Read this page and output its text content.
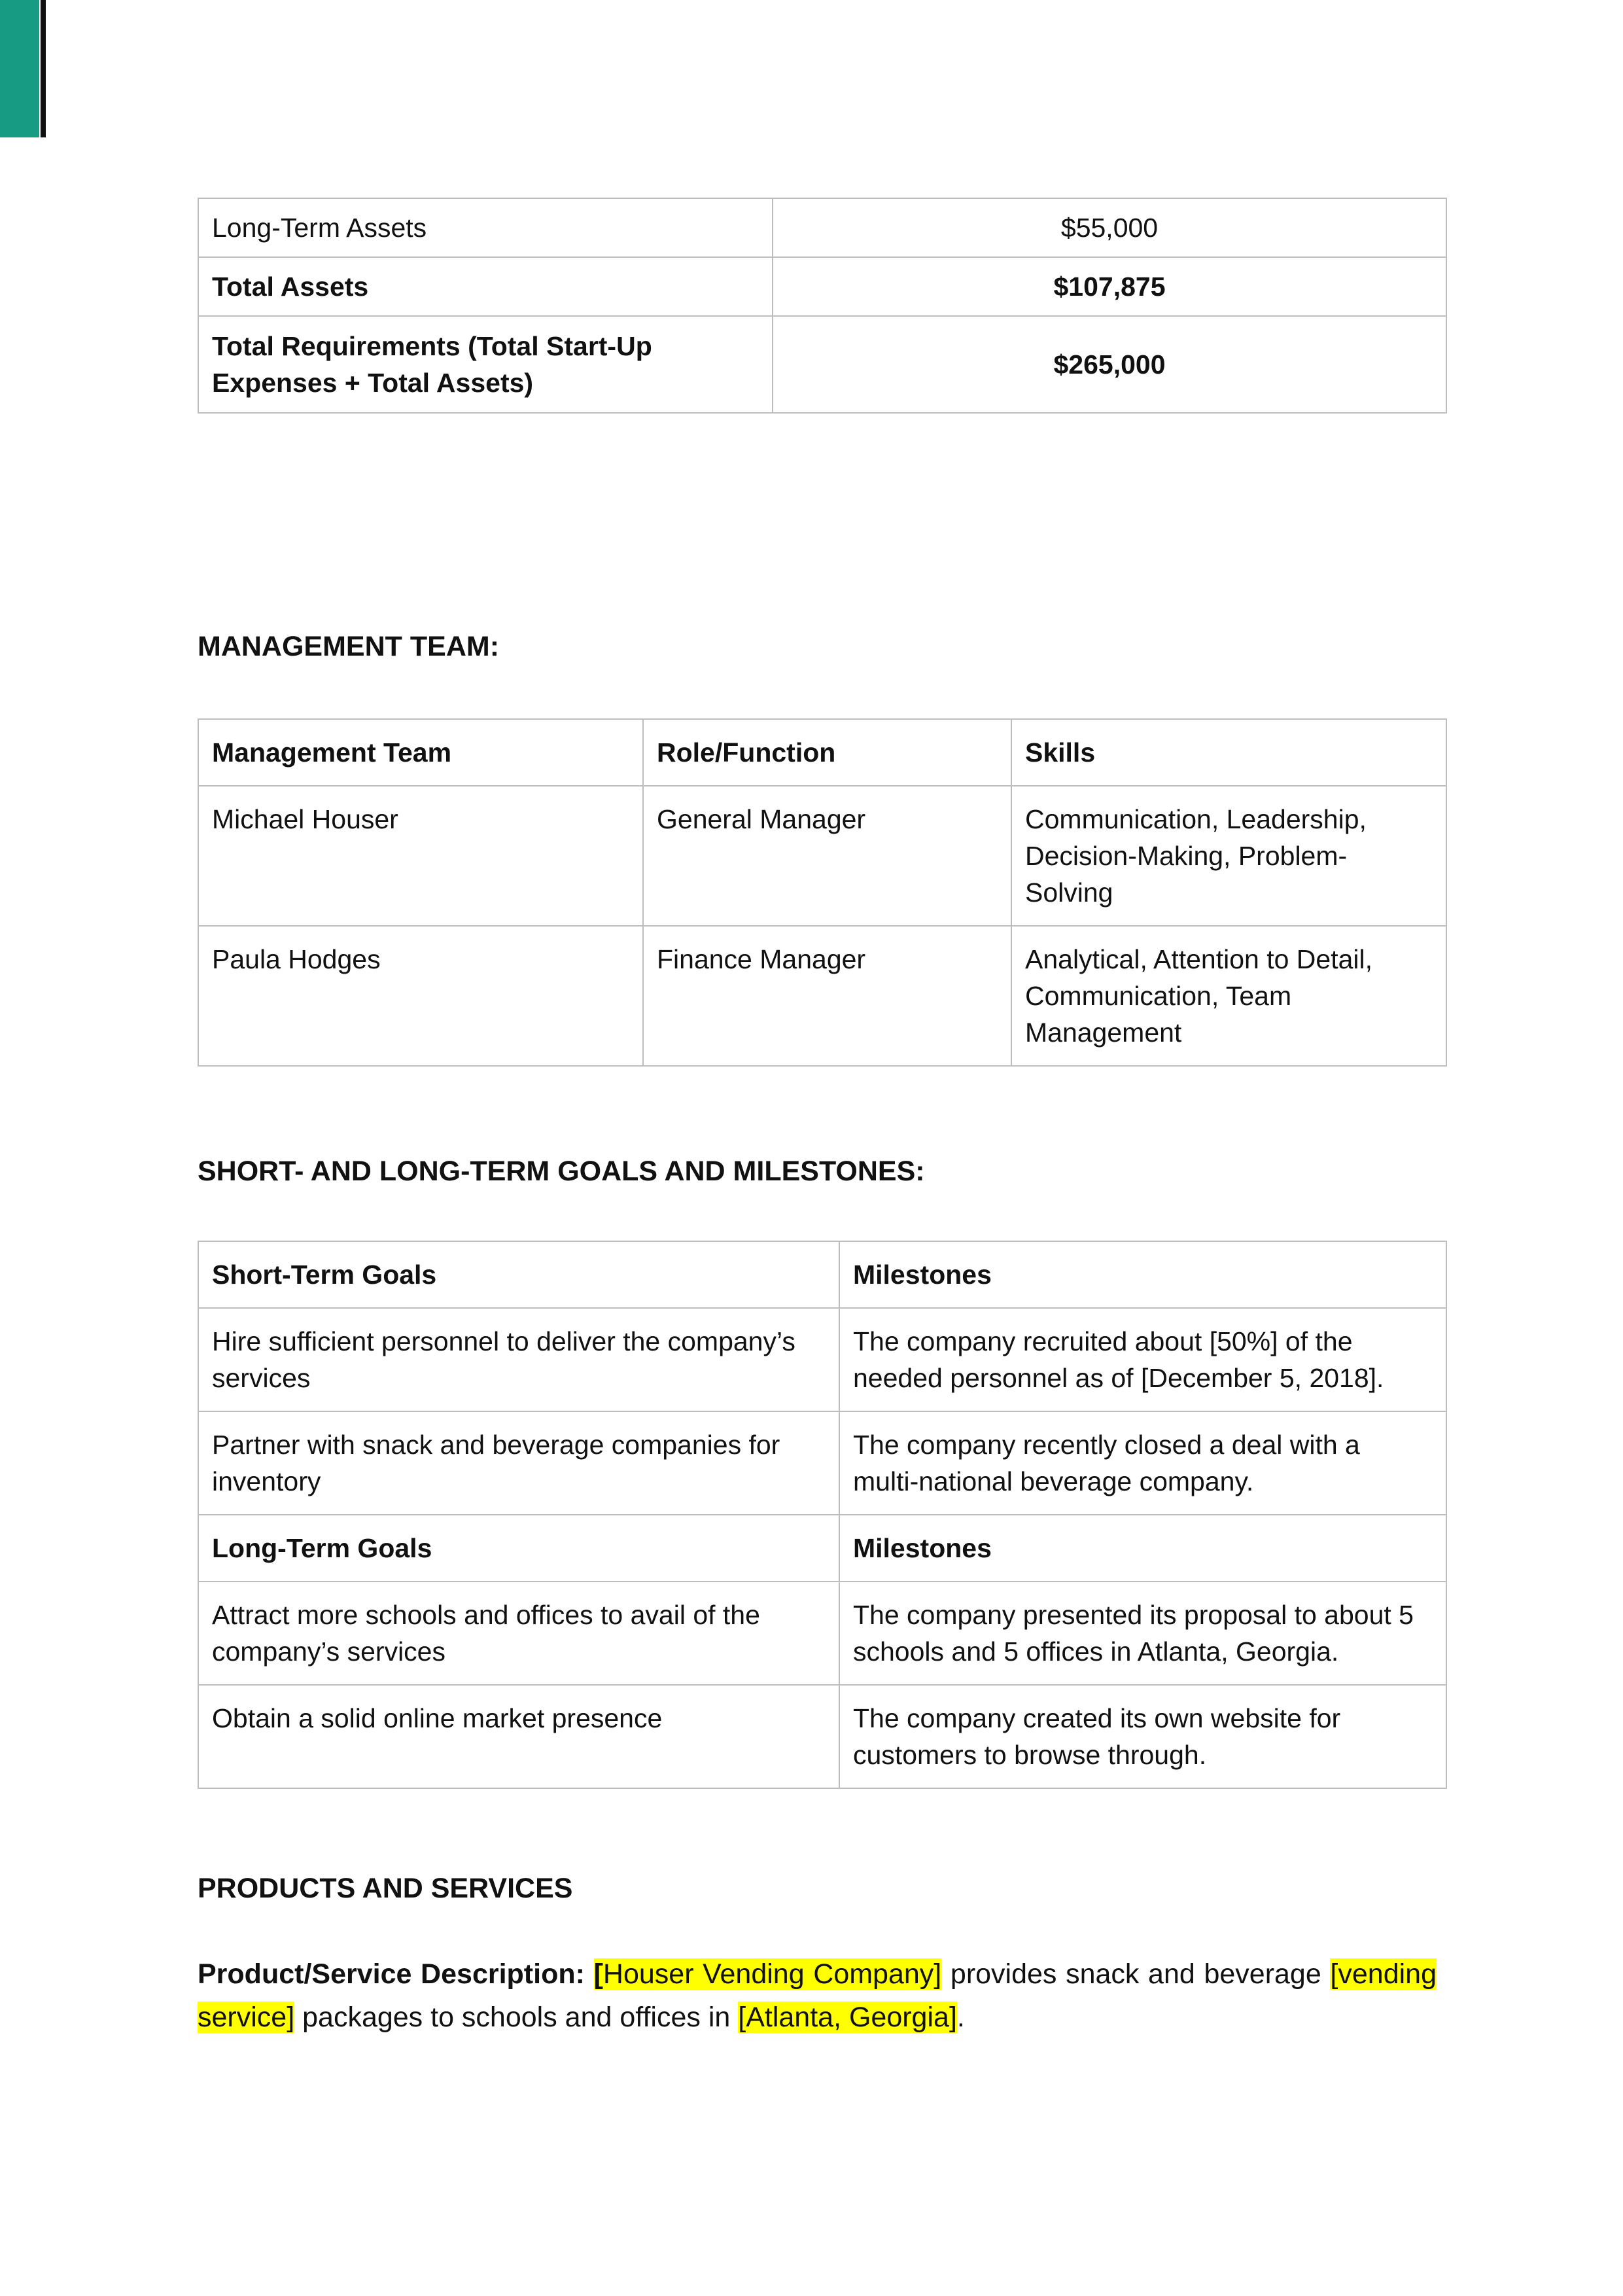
Long-Term Assets	$55,000
Total Assets	$107,875
Total Requirements (Total Start-Up Expenses + Total Assets)	$265,000
MANAGEMENT TEAM:
Management Team	Role/Function	Skills
Michael Houser	General Manager	Communication, Leadership, Decision-Making, Problem-Solving
Paula Hodges	Finance Manager	Analytical, Attention to Detail, Communication, Team Management
SHORT- AND LONG-TERM GOALS AND MILESTONES:
Short-Term Goals	Milestones
Hire sufficient personnel to deliver the company’s services	The company recruited about [50%] of the needed personnel as of [December 5, 2018].
Partner with snack and beverage companies for inventory	The company recently closed a deal with a multi-national beverage company.
Long-Term Goals	Milestones
Attract more schools and offices to avail of the company’s services	The company presented its proposal to about 5 schools and 5 offices in Atlanta, Georgia.
Obtain a solid online market presence	The company created its own website for customers to browse through.
PRODUCTS AND SERVICES

Product/Service Description: [Houser Vending Company] provides snack and beverage [vending service] packages to schools and offices in [Atlanta, Georgia].
